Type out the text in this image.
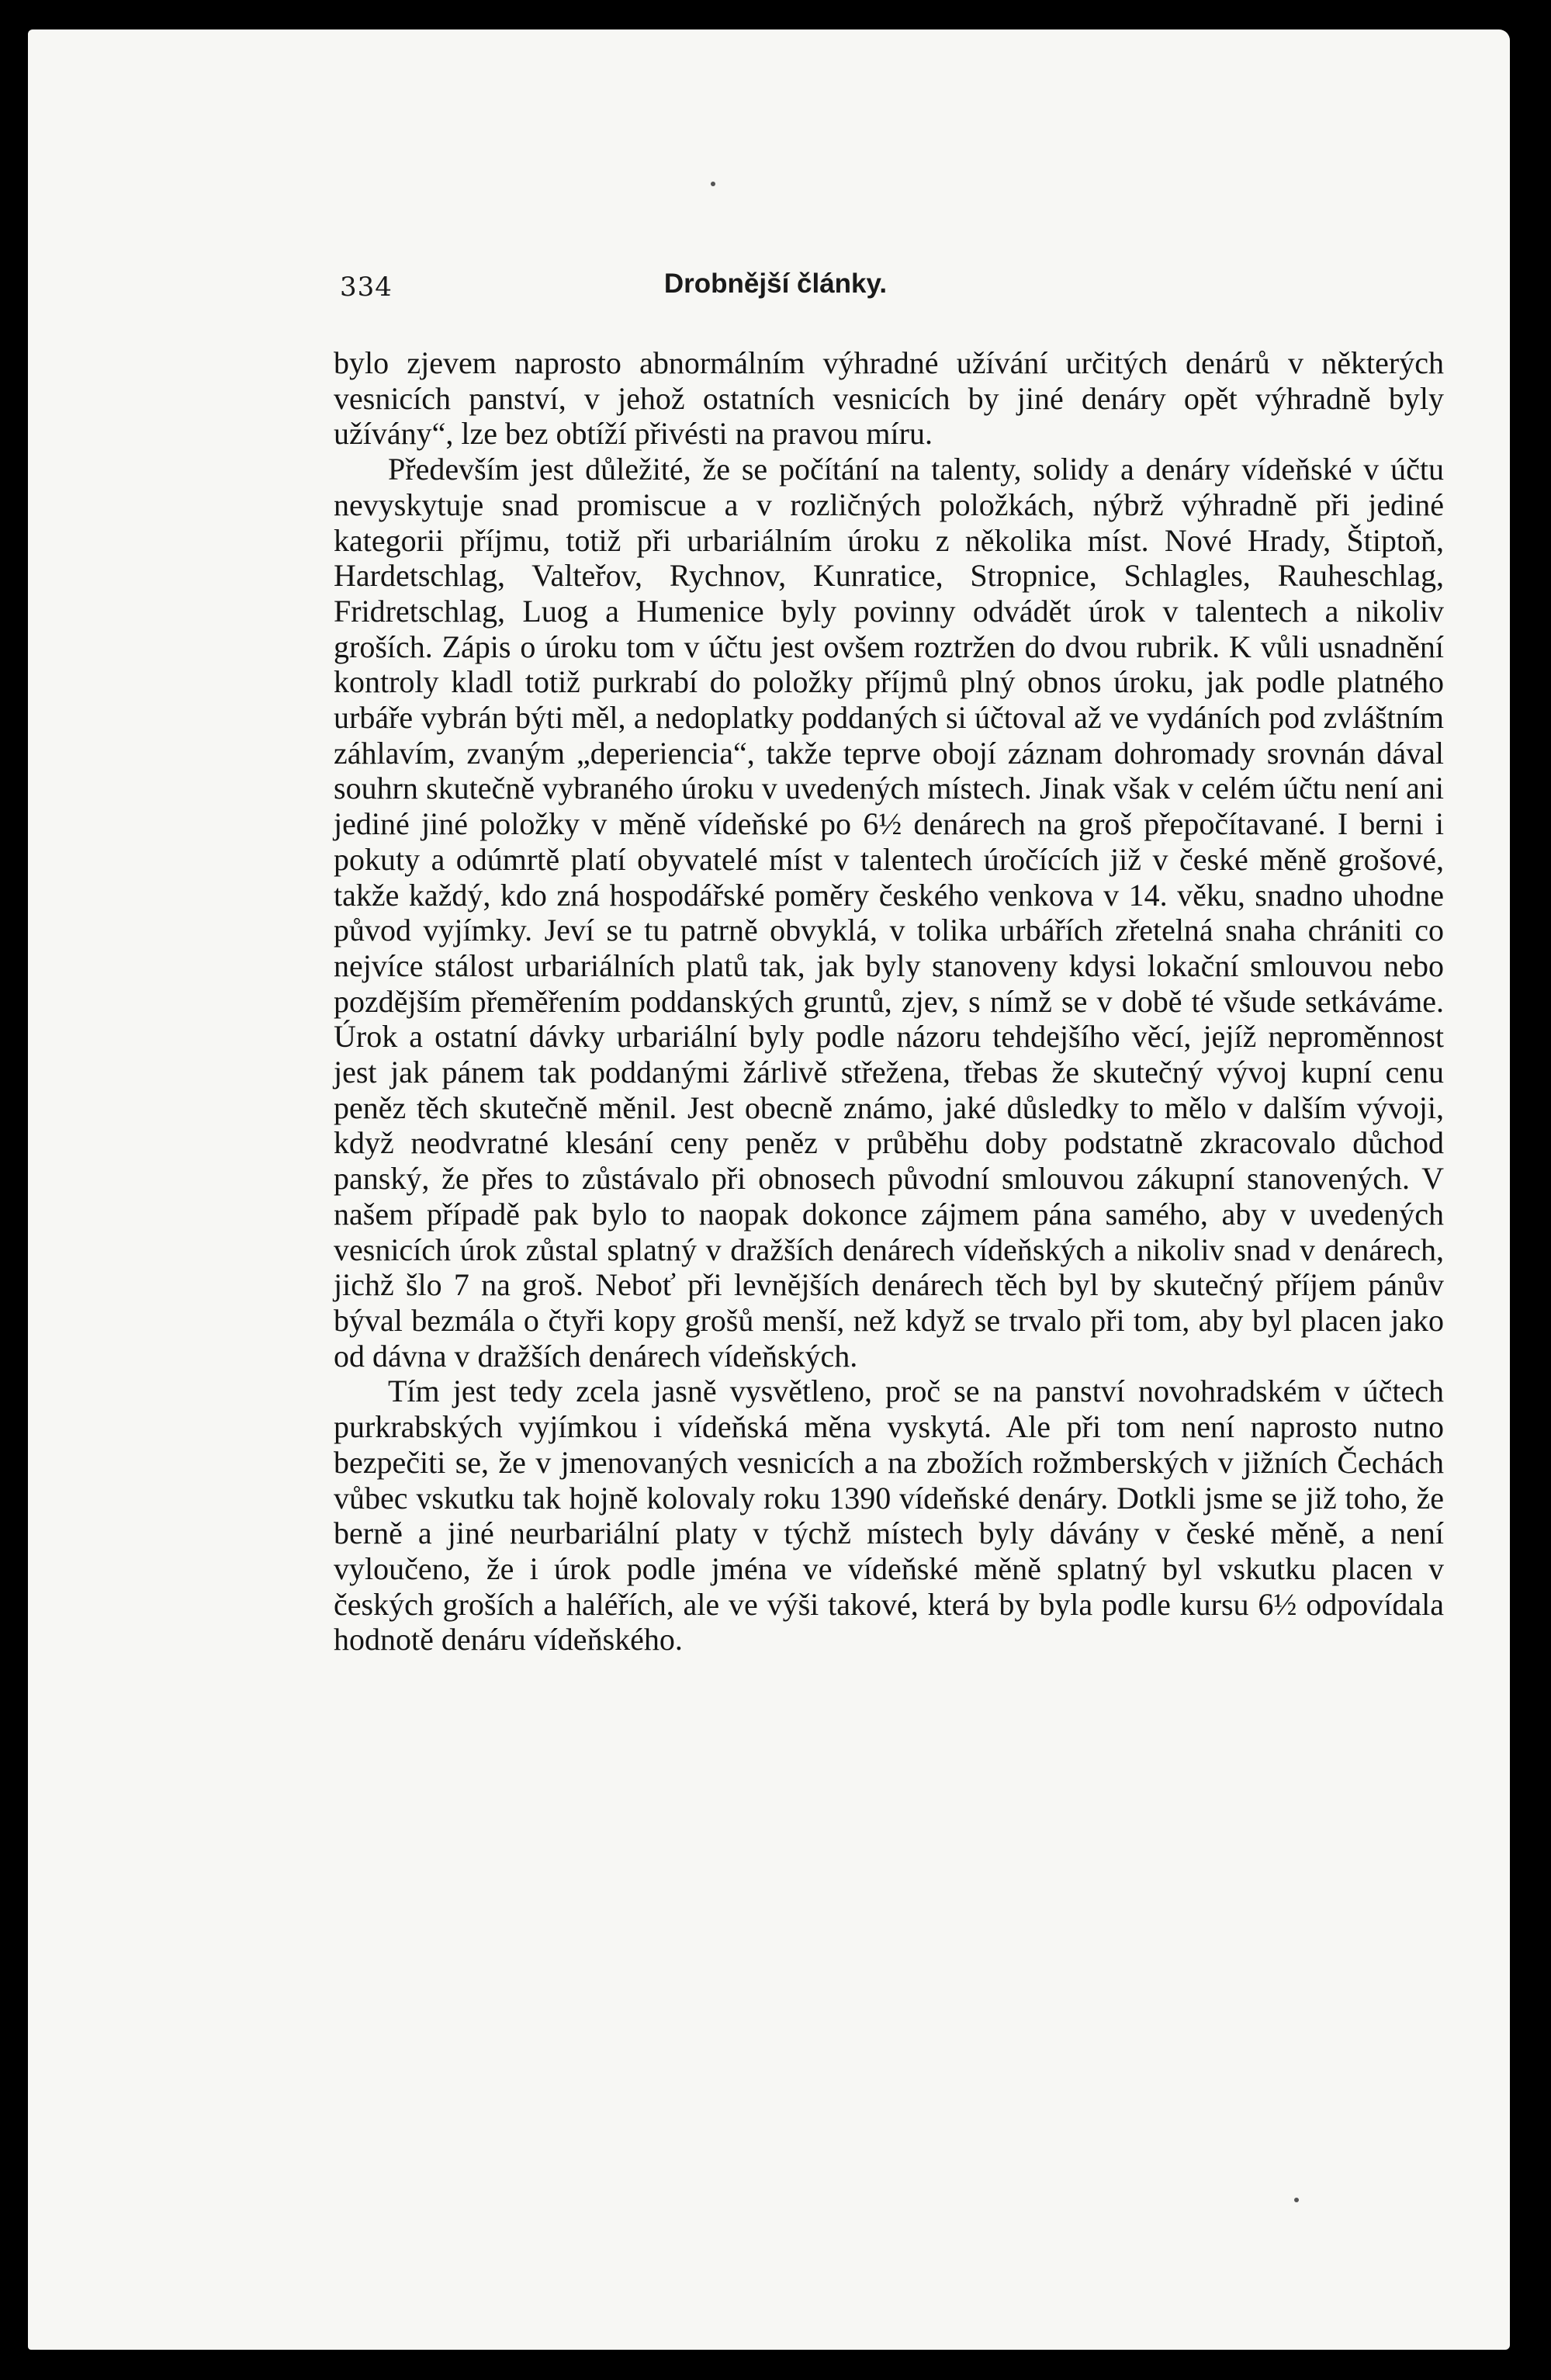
334	Drobnější články.

bylo zjevem naprosto abnormálním výhradné užívání určitých denárů v některých vesnicích panství, v jehož ostatních vesnicích by jiné denáry opět výhradně byly užívány“, lze bez obtíží přivésti na pravou míru.

Především jest důležité, že se počítání na talenty, solidy a denáry vídeňské v účtu nevyskytuje snad promiscue a v rozličných položkách, nýbrž výhradně při jediné kategorii příjmu, totiž při urbariálním úroku z několika míst. Nové Hrady, Štiptoň, Hardetschlag, Valteřov, Rychnov, Kunratice, Stropnice, Schlagles, Rauheschlag, Fridretschlag, Luog a Humenice byly povinny odvádět úrok v talentech a nikoliv groších. Zápis o úroku tom v účtu jest ovšem roztržen do dvou rubrik. K vůli usnadnění kontroly kladl totiž purkrabí do položky příjmů plný obnos úroku, jak podle platného urbáře vybrán býti měl, a nedoplatky poddaných si účtoval až ve vydáních pod zvláštním záhlavím, zvaným „deperiencia“, takže teprve obojí záznam dohromady srovnán dával souhrn skutečně vybraného úroku v uvedených místech. Jinak však v celém účtu není ani jediné jiné položky v měně vídeňské po 6½ denárech na groš přepočítavané. I berni i pokuty a odúmrtě platí obyvatelé míst v talentech úročících již v české měně grošové, takže každý, kdo zná hospodářské poměry českého venkova v 14. věku, snadno uhodne původ vyjímky. Jeví se tu patrně obvyklá, v tolika urbářích zřetelná snaha chrániti co nejvíce stálost urbariálních platů tak, jak byly stanoveny kdysi lokační smlouvou nebo pozdějším přeměřením poddanských gruntů, zjev, s nímž se v době té všude setkáváme. Úrok a ostatní dávky urbariální byly podle názoru tehdejšího věcí, jejíž neproměnnost jest jak pánem tak poddanými žárlivě střežena, třebas že skutečný vývoj kupní cenu peněz těch skutečně měnil. Jest obecně známo, jaké důsledky to mělo v dalším vývoji, když neodvratné klesání ceny peněz v průběhu doby podstatně zkracovalo důchod panský, že přes to zůstávalo při obnosech původní smlouvou zákupní stanovených. V našem případě pak bylo to naopak dokonce zájmem pána samého, aby v uvedených vesnicích úrok zůstal splatný v dražších denárech vídeňských a nikoliv snad v denárech, jichž šlo 7 na groš. Neboť při levnějších denárech těch byl by skutečný příjem pánův býval bezmála o čtyři kopy grošů menší, než když se trvalo při tom, aby byl placen jako od dávna v dražších denárech vídeňských.

Tím jest tedy zcela jasně vysvětleno, proč se na panství novohradském v účtech purkrabských vyjímkou i vídeňská měna vyskytá. Ale při tom není naprosto nutno bezpečiti se, že v jmenovaných vesnicích a na zbožích rožmberských v jižních Čechách vůbec vskutku tak hojně kolovaly roku 1390 vídeňské denáry. Dotkli jsme se již toho, že berně a jiné neurbariální platy v týchž místech byly dávány v české měně, a není vyloučeno, že i úrok podle jména ve vídeňské měně splatný byl vskutku placen v českých groších a haléřích, ale ve výši takové, která by byla podle kursu 6½ odpovídala hodnotě denáru vídeňského.
